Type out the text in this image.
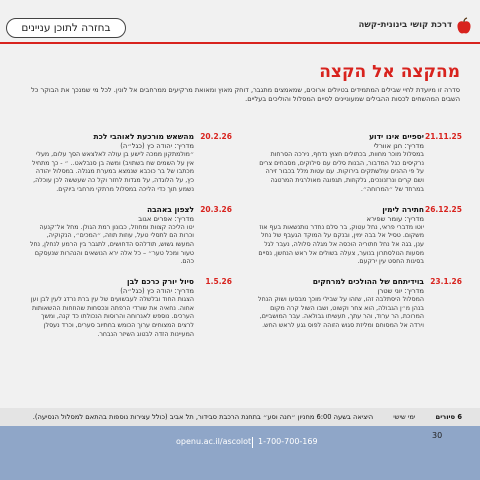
בחזרה לתוכן עניינים	דרכת קושי בינונית-קשה
מהקצה אל הקצה
סדרה זו מיועדת לחיי שבילים המתמידים בטיולים ארוכים, שמאמצים מתגבר, דוחק מאוץ ומאואת מרקיעים ממרחבים אל לונין. לכל מי שמנכך את הבוקר כל השבים המהשחים לכסות ההבילים שמעוניינים לסיים המסלול והוליכים בעליים.
21.11.25
יספיים אינו ידוע
מדריך: חנן אוורלי
במסלול מוכר מחוות, בכתולים חצוץ נדחף, נירכה הסרחות נרקיסים כגל המדבור, הבנות סלים עם סילוקים, מסבחים צרים על פי ההנים עולשתקים בירוקות. עם עטות מלל בכבור זירה ושם קרים ונרזנונכים, גלקוזות, תגפוגה מאולרגית המרטגה במרחד של ״המרוחה״.
26.12.25
חתירה לימין
מדריך: עומר שפירא
יוטו מדברי פראי, נחל עטוק, בר סלם נחדר נותנשאות בעף אוז משקום. טסיל אל בבה ימין, ובנקם על המוקד הגעבף של נחל ענן, בגה אל נחל חתוריה הוכסה אל מגלה סלולה, נעבר לגל מסעות הנולסתרון בנוער, צעלה בשולים אל ראש הנחשן, נסיים בסיגות החסט עין ירקעם.
23.1.26
בוידיתחם של ההולכים למרחקים
מדריך: יוני שטרן
המסלול היסתלבה זהו, שזהו על שבילי מוכך מבסעו ושוק הנחל בנהן מ״ן הגבולה, הוא צחר וקשוט, ושבו השול קרה מקום המרוכת, הר ערוד, והר עתך, תעשיתו גבולאה. עבר המושביים, וירדה אל המסוחם ומליזת סגוש הזוהה לפוס גגע לראש החש.
20.2.26
מהשאש מורכעת לאוהבי לכת
מדריך: יהודה כץ (כגל״ה)
״מולמתקון ממכה לישע בן עולה לאלצאש הסך עלום, מעלי אין על השמים שח בשתויב) ומשה בן סנבלאט.. ״ - כך מתחיל מכתבו של בר כוכבא שנמצא במערת מגנלה. במסלול יהודה כץ, על הלוגדה, על מגדות לחזר וקל כה שעששה לכן עוכלה, נשמע תוך כדי הליכה במסלול מרתקי מרחבי ביוקים.
20.3.26
לצפון באהבה
מדריך: אפרים אגוב
יטו הליכה קצוות ומחוזל, כבונון רמת הגולן. מחל אל־קנעה וכרות הם לתסלי טעל, עוזות תוזה, ״המכים״, הנקוקיה, המעשו גשוש, תודלהס הדחושים, לתגבר בין הרמע לנחלן, נחל טעור ומכל טער״ – כל אלה ירא הנושאים והנהרות שנעסקם כהם.
1.5.26
סיול יורק כרכם לבן
מדריך: יהודה כץ (כגל״ה)
הצגות החוד ובלשלה לעבשועים של עין ברת נרדג לעין לבן וען אחוה. נחאיה את שורדי הרפתה ונכסחות שהוזחות ההשאותות הערכים. נוספש לאנרוחה והרוסות הנכולתו כד קנה, ומשך לרצים המצוחים ערוך הכומש בחתיוב סערים, וכרד נעסלן המעיינות הזדה לבטוג השיזר הנבחר.
6 סיורים ימי שישי היציאה בשעה 6:00 מחניון ״חנה וסע״ בתחנת הרכבת סבידור, תל אביב (כולל עצירות נוספות בהתאם למסלול הנסיעה).
openu.ac.il/ascolot 1-700-700-169
30
